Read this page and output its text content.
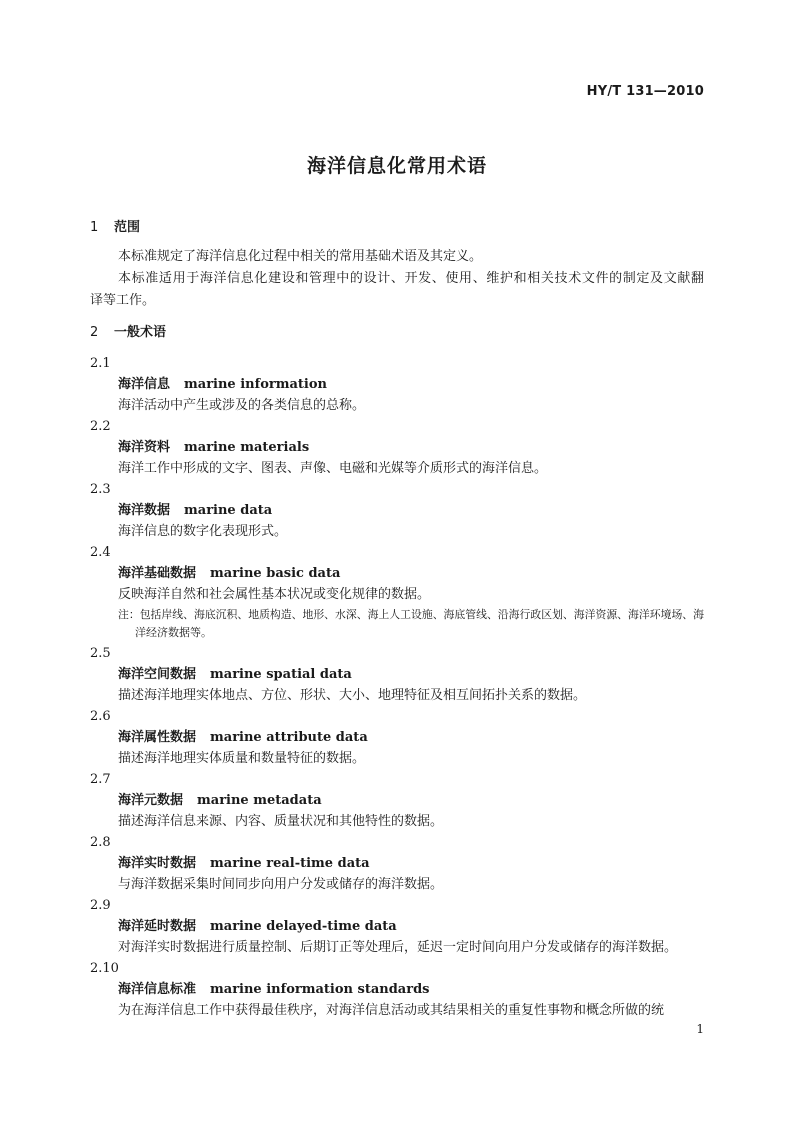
HY/T 131—2010
海洋信息化常用术语
1 范围
本标准规定了海洋信息化过程中相关的常用基础术语及其定义。
本标准适用于海洋信息化建设和管理中的设计、开发、使用、维护和相关技术文件的制定及文献翻
译等工作。
2 一般术语
2.1
海洋信息 marine information
海洋活动中产生或涉及的各类信息的总称。
2.2
海洋资料 marine materials
海洋工作中形成的文字、图表、声像、电磁和光媒等介质形式的海洋信息。
2.3
海洋数据 marine data
海洋信息的数字化表现形式。
2.4
海洋基础数据 marine basic data
反映海洋自然和社会属性基本状况或变化规律的数据。
注：包括岸线、海底沉积、地质构造、地形、水深、海上人工设施、海底管线、沿海行政区划、海洋资源、海洋环境场、海
洋经济数据等。
2.5
海洋空间数据 marine spatial data
描述海洋地理实体地点、方位、形状、大小、地理特征及相互间拓扑关系的数据。
2.6
海洋属性数据 marine attribute data
描述海洋地理实体质量和数量特征的数据。
2.7
海洋元数据 marine metadata
描述海洋信息来源、内容、质量状况和其他特性的数据。
2.8
海洋实时数据 marine real-time data
与海洋数据采集时间同步向用户分发或储存的海洋数据。
2.9
海洋延时数据 marine delayed-time data
对海洋实时数据进行质量控制、后期订正等处理后，延迟一定时间向用户分发或储存的海洋数据。
2.10
海洋信息标准 marine information standards
为在海洋信息工作中获得最佳秩序，对海洋信息活动或其结果相关的重复性事物和概念所做的统
1
